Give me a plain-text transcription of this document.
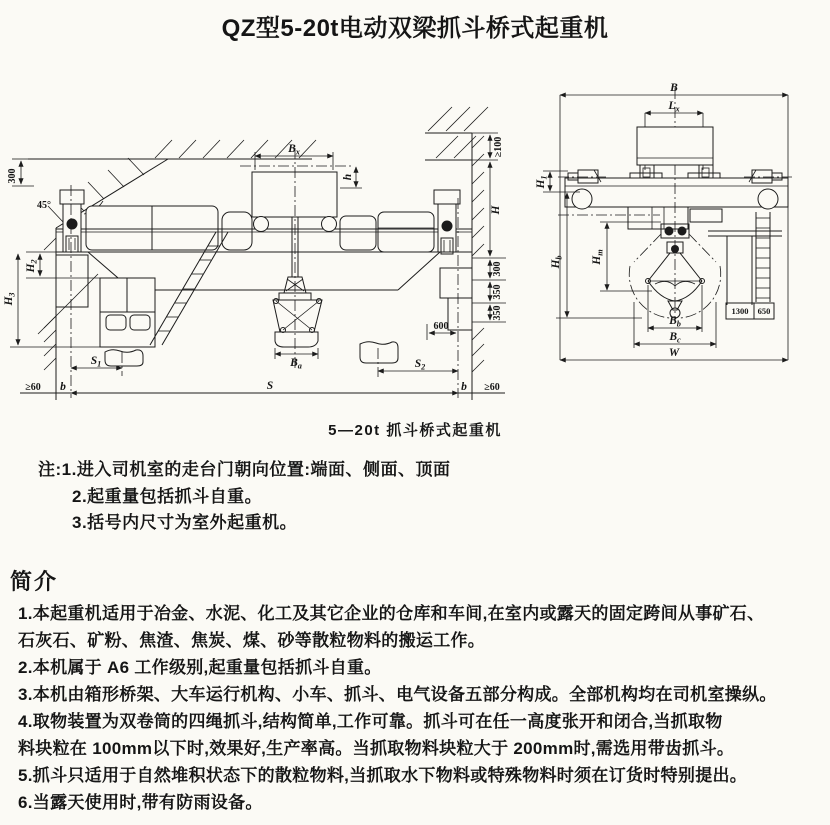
QZ型5-20t电动双梁抓斗桥式起重机
300
45°
$H_2$
$H_3$
$S_1$	$S_2$
S
b	b
≥60	≥60
$B_x$
h
≥100
H
300
350
350
600
$B_a$
1300 650
B
$L_x$
$H_1$
$H_b$ $H_m$
$B_b$
$B_c$
W
5—20t 抓斗桥式起重机
注:1.进入司机室的走台门朝向位置:端面、侧面、顶面
2.起重量包括抓斗自重。
3.括号内尺寸为室外起重机。
简介
1.本起重机适用于冶金、水泥、化工及其它企业的仓库和车间,在室内或露天的固定跨间从事矿石、
石灰石、矿粉、焦渣、焦炭、煤、砂等散粒物料的搬运工作。
2.本机属于 A6 工作级别,起重量包括抓斗自重。
3.本机由箱形桥架、大车运行机构、小车、抓斗、电气设备五部分构成。全部机构均在司机室操纵。
4.取物装置为双卷筒的四绳抓斗,结构简单,工作可靠。抓斗可在任一高度张开和闭合,当抓取物
料块粒在 100mm以下时,效果好,生产率高。当抓取物料块粒大于 200mm时,需选用带齿抓斗。
5.抓斗只适用于自然堆积状态下的散粒物料,当抓取水下物料或特殊物料时须在订货时特别提出。
6.当露天使用时,带有防雨设备。
